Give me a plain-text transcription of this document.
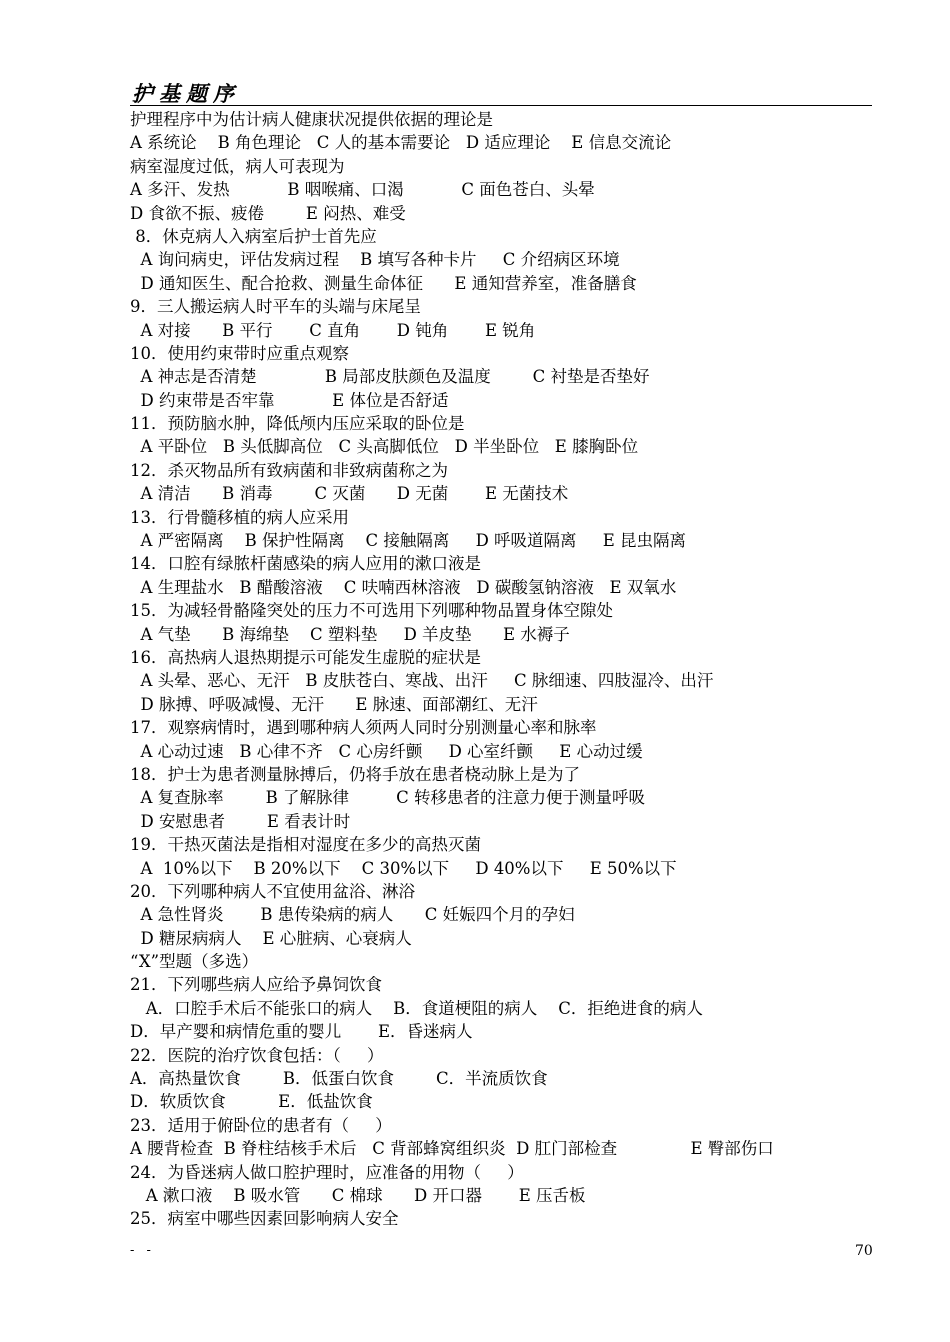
护基题序
护理程序中为估计病人健康状况提供依据的理论是
A 系统论    B 角色理论   C 人的基本需要论   D 适应理论    E 信息交流论
病室湿度过低，病人可表现为
A 多汗、发热           B 咽喉痛、口渴           C 面色苍白、头晕
D 食欲不振、疲倦        E 闷热、难受
8．休克病人入病室后护士首先应
A 询问病史，评估发病过程    B 填写各种卡片     C 介绍病区环境
D 通知医生、配合抢救、测量生命体征      E 通知营养室，准备膳食
9．三人搬运病人时平车的头端与床尾呈
A 对接      B 平行       C 直角       D 钝角       E 锐角
10．使用约束带时应重点观察
A 神志是否清楚             B 局部皮肤颜色及温度        C 衬垫是否垫好
D 约束带是否牢靠           E 体位是否舒适
11．预防脑水肿，降低颅内压应采取的卧位是
A 平卧位   B 头低脚高位   C 头高脚低位   D 半坐卧位   E 膝胸卧位
12．杀灭物品所有致病菌和非致病菌称之为
A 清洁      B 消毒        C 灭菌      D 无菌       E 无菌技术
13．行骨髓移植的病人应采用
A 严密隔离    B 保护性隔离    C 接触隔离     D 呼吸道隔离     E 昆虫隔离
14．口腔有绿脓杆菌感染的病人应用的漱口液是
A 生理盐水   B 醋酸溶液    C 呋喃西林溶液   D 碳酸氢钠溶液   E 双氧水
15．为减轻骨骼隆突处的压力不可选用下列哪种物品置身体空隙处
A 气垫      B 海绵垫    C 塑料垫     D 羊皮垫      E 水褥子
16．高热病人退热期提示可能发生虚脱的症状是
A 头晕、恶心、无汗   B 皮肤苍白、寒战、出汗     C 脉细速、四肢湿冷、出汗
D 脉搏、呼吸减慢、无汗      E 脉速、面部潮红、无汗
17．观察病情时，遇到哪种病人须两人同时分别测量心率和脉率
A 心动过速   B 心律不齐   C 心房纤颤     D 心室纤颤     E 心动过缓
18．护士为患者测量脉搏后，仍将手放在患者桡动脉上是为了
A 复查脉率        B 了解脉律         C 转移患者的注意力便于测量呼吸
D 安慰患者        E 看表计时
19．干热灭菌法是指相对湿度在多少的高热灭菌
A  10%以下    B 20%以下    C 30%以下     D 40%以下     E 50%以下
20．下列哪种病人不宜使用盆浴、淋浴
A 急性肾炎       B 患传染病的病人      C 妊娠四个月的孕妇
D 糖尿病病人    E 心脏病、心衰病人
“X”型题（多选）
21．下列哪些病人应给予鼻饲饮食
A．口腔手术后不能张口的病人    B．食道梗阻的病人    C．拒绝进食的病人
D．早产婴和病情危重的婴儿       E．昏迷病人
22．医院的治疗饮食包括：（     ）
A．高热量饮食        B．低蛋白饮食        C．半流质饮食
D．软质饮食          E．低盐饮食
23．适用于俯卧位的患者有（     ）
A 腰背检查  B 脊柱结核手术后   C 背部蜂窝组织炎  D 肛门部检查              E 臀部伤口
24．为昏迷病人做口腔护理时，应准备的用物（     ）
A 漱口液    B 吸水管      C 棉球      D 开口器       E 压舌板
25．病室中哪些因素回影响病人安全
- -	70
